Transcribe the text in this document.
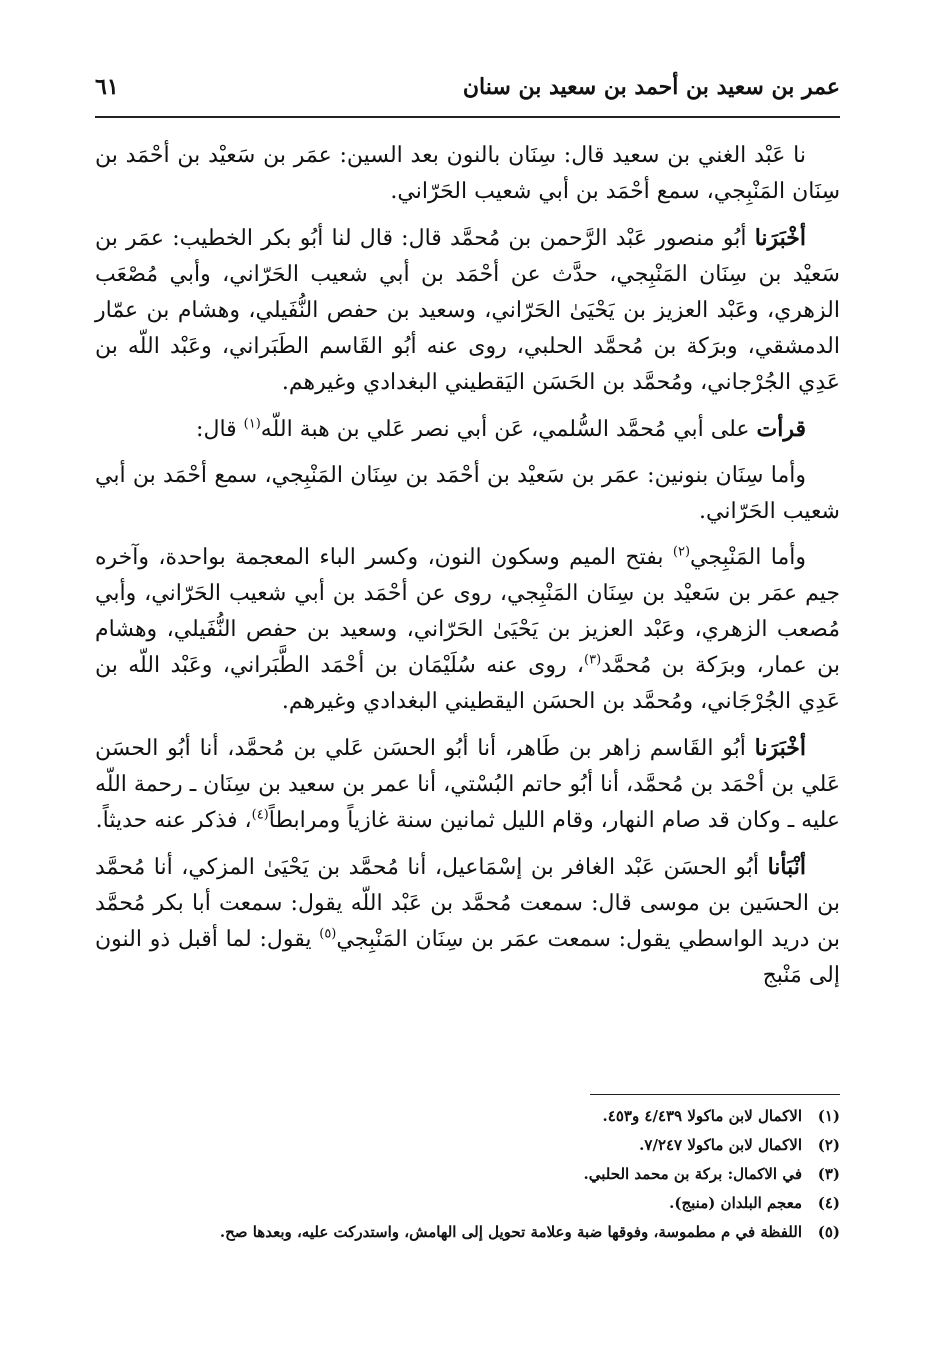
عمر بن سعيد بن أحمد بن سعيد بن سنان
٦١

نا عَبْد الغني بن سعيد قال: سِنَان بالنون بعد السين: عمَر بن سَعيْد بن أحْمَد بن سِنَان المَنْبِجي، سمع أحْمَد بن أبي شعيب الحَرّاني.

أخْبَرَنا أبُو منصور عَبْد الرَّحمن بن مُحمَّد قال: قال لنا أبُو بكر الخطيب: عمَر بن سَعيْد بن سِنَان المَنْبِجي، حدَّث عن أحْمَد بن أبي شعيب الحَرّاني، وأبي مُصْعَب الزهري، وعَبْد العزيز بن يَحْيَىٰ الحَرّاني، وسعيد بن حفص النُّفَيلي، وهشام بن عمّار الدمشقي، وبرَكة بن مُحمَّد الحلبي، روى عنه أبُو القَاسم الطَبَراني، وعَبْد اللّه بن عَدِي الجُرْجاني، ومُحمَّد بن الحَسَن اليَقطيني البغدادي وغيرهم.

قرأت على أبي مُحمَّد السُّلمي، عَن أبي نصر عَلي بن هبة اللّه$^{(١)}$ قال:

وأما سِنَان بنونين: عمَر بن سَعيْد بن أحْمَد بن سِنَان المَنْبِجي، سمع أحْمَد بن أبي شعيب الحَرّاني.

وأما المَنْبِجي$^{(٢)}$ بفتح الميم وسكون النون، وكسر الباء المعجمة بواحدة، وآخره جيم عمَر بن سَعيْد بن سِنَان المَنْبِجي، روى عن أحْمَد بن أبي شعيب الحَرّاني، وأبي مُصعب الزهري، وعَبْد العزيز بن يَحْيَىٰ الحَرّاني، وسعيد بن حفص النُّفَيلي، وهشام بن عمار، وبرَكة بن مُحمَّد$^{(٣)}$، روى عنه سُلَيْمَان بن أحْمَد الطَّبَراني، وعَبْد اللّه بن عَدِي الجُرْجَاني، ومُحمَّد بن الحسَن اليقطيني البغدادي وغيرهم.

أخْبَرَنا أبُو القَاسم زاهر بن طَاهر، أنا أبُو الحسَن عَلي بن مُحمَّد، أنا أبُو الحسَن عَلي بن أحْمَد بن مُحمَّد، أنا أبُو حاتم البُسْتي، أنا عمر بن سعيد بن سِنَان ـ رحمة اللّه عليه ـ وكان قد صام النهار، وقام الليل ثمانين سنة غازياً ومرابطاً$^{(٤)}$، فذكر عنه حديثاً.

أنْبَأنا أبُو الحسَن عَبْد الغافر بن إسْمَاعيل، أنا مُحمَّد بن يَحْيَىٰ المزكي، أنا مُحمَّد بن الحسَين بن موسى قال: سمعت مُحمَّد بن عَبْد اللّه يقول: سمعت أبا بكر مُحمَّد بن دريد الواسطي يقول: سمعت عمَر بن سِنَان المَنْبِجي$^{(٥)}$ يقول: لما أقبل ذو النون إلى مَنْبج

(١)
الاكمال لابن ماكولا ٤/٤٣٩ و٤٥٣.
(٢)
الاكمال لابن ماكولا ٧/٢٤٧.
(٣)
في الاكمال: بركة بن محمد الحلبي.
(٤)
معجم البلدان (منبج).
(٥)
اللفظة في م مطموسة، وفوقها ضبة وعلامة تحويل إلى الهامش، واستدركت عليه، وبعدها صح.
